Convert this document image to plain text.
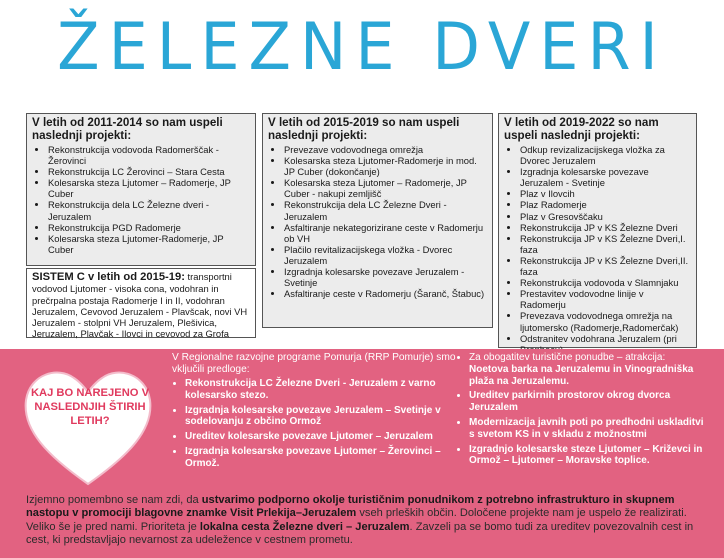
ŽELEZNE DVERI
V letih od 2011-2014 so nam uspeli naslednji projekti:
• Rekonstrukcija vodovoda Radomerščak - Žerovinci
• Rekonstrukcija LC Žerovinci – Stara Cesta
• Kolesarska steza Ljutomer – Radomerje, JP Cuber
• Rekonstrukcija dela LC Železne dveri - Jeruzalem
• Rekonstrukcija PGD Radomerje
• Kolesarska steza Ljutomer-Radomerje, JP Cuber
SISTEM C v letih od 2015-19: transportni vodovod Ljutomer - visoka cona, vodohran in prečrpalna postaja Radomerje I in II, vodohran Jeruzalem, Cevovod Jeruzalem - Plavšcak, novi VH Jeruzalem - stolpni VH Jeruzalem, Plešivica, Jeruzalem, Plavčak - Ilovci in cevovod za Grofa
V letih od 2015-2019 so nam uspeli naslednji projekti:
• Prevezave vodovodnega omrežja
• Kolesarska steza Ljutomer-Radomerje in mod. JP Cuber (dokončanje)
• Kolesarska steza Ljutomer – Radomerje, JP Cuber - nakupi zemljišč
• Rekonstrukcija dela LC Železne Dveri - Jeruzalem
• Asfaltiranje nekategoriziranе ceste v Radomerju ob VH
• Plačilo revitalizacijskega vložka - Dvorec Jeruzalem
• Izgradnja kolesarske povezave Jeruzalem - Svetinje
• Asfaltiranje ceste v Radomerju (Šaranč, Štabuc)
V letih od 2019-2022 so nam uspeli naslednji projekti:
• Odkup revizalizacijskega vložka za Dvorec Jeruzalem
• Izgradnja kolesarske povezave Jeruzalem - Svetinje
• Plaz v Ilovcih
• Plaz Radomerje
• Plaz v Gresovščaku
• Rekonstrukcija JP v KS Železne Dveri
• Rekonstrukcija JP v KS Železne Dveri,I. faza
• Rekonstrukcija JP v KS Železne Dveri,II. faza
• Rekonstrukcija vodovoda v Slamnjaku
• Prestavitev vodovodne linije v Radomerju
• Prevezava vodovodnega omrežja na ljutomersko (Radomerje,Radomerčak)
• Odstranitev vodohrana Jeruzalem (pri
KAJ BO NAREJENO V NASLEDNJIH ŠTIRIH LETIH?
V Regionalne razvojne programe Pomurja (RRP Pomurje) smo vključili predloge:
• Rekonstrukcija LC Železne Dveri - Jeruzalem z varno kolesarsko stezo.
• Izgradnja kolesarske povezave Jeruzalem – Svetinje v sodelovanju z občino Ormož
• Ureditev kolesarske povezave Ljutomer – Jeruzalem
• Izgradnja kolesarske povezave Ljutomer – Žerovinci – Ormož.
• Za obogatitev turistične ponudbe – atrakcija:
Noetova barka na Jeruzalemu in Vinogradniška plaža na Jeruzalemu.
• Ureditev parkirnih prostorov okrog dvorca Jeruzalem
• Modernizacija javnih poti po predhodni uskladitvi s svetom KS in v skladu z možnostmi
• Izgradnjo kolesarske steze Ljutomer – Križevci in Ormož – Ljutomer – Moravske toplice.
Izjemno pomembno se nam zdi, da ustvarimo podporno okolje turističnim ponudnikom z potrebno infrastrukturo in skupnem nastopu v promociji blagovne znamke Visit Prlekija–Jeruzalem vseh prleških občin. Določene projekte nam je uspelo že realizirati. Veliko še je pred nami. Prioriteta je lokalna cesta Železne dveri – Jeruzalem. Zavzeli pa se bomo tudi za ureditev povezovalnih cest in cest, ki predstavljajo nevarnost za udeležence v cestnem prometu.
